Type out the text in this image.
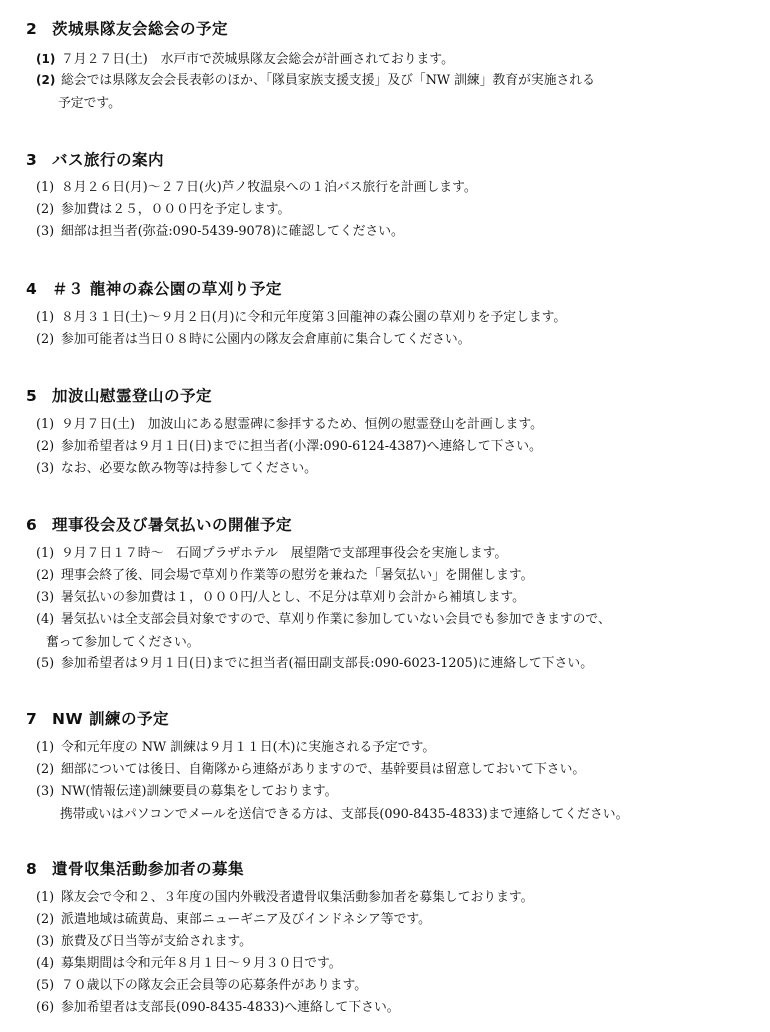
2 茨城県隊友会総会の予定
(1) ７月２７日(土)　水戸市で茨城県隊友会総会が計画されております。
(2) 総会では県隊友会会長表彰のほか、「隊員家族支援支援」及び「NW 訓練」教育が実施される
予定です。
3 バス旅行の案内
(1) ８月２６日(月)～２７日(火)芦ノ牧温泉への１泊バス旅行を計画します。
(2) 参加費は２５，０００円を予定します。
(3) 細部は担当者(弥益:090-5439-9078)に確認してください。
4 ＃３ 龍神の森公園の草刈り予定
(1) ８月３１日(土)～９月２日(月)に令和元年度第３回龍神の森公園の草刈りを予定します。
(2) 参加可能者は当日０８時に公園内の隊友会倉庫前に集合してください。
5 加波山慰霊登山の予定
(1) ９月７日(土)　加波山にある慰霊碑に参拝するため、恒例の慰霊登山を計画します。
(2) 参加希望者は９月１日(日)までに担当者(小澤:090-6124-4387)へ連絡して下さい。
(3) なお、必要な飲み物等は持参してください。
6 理事役会及び暑気払いの開催予定
(1) ９月７日１７時～　石岡プラザホテル　展望階で支部理事役会を実施します。
(2) 理事会終了後、同会場で草刈り作業等の慰労を兼ねた「暑気払い」を開催します。
(3) 暑気払いの参加費は１，０００円/人とし、不足分は草刈り会計から補填します。
(4) 暑気払いは全支部会員対象ですので、草刈り作業に参加していない会員でも参加できますので、
奮って参加してください。
(5) 参加希望者は９月１日(日)までに担当者(福田副支部長:090-6023-1205)に連絡して下さい。
7 NW 訓練の予定
(1) 令和元年度の NW 訓練は９月１１日(木)に実施される予定です。
(2) 細部については後日、自衛隊から連絡がありますので、基幹要員は留意しておいて下さい。
(3) NW(情報伝達)訓練要員の募集をしております。
携帯或いはパソコンでメールを送信できる方は、支部長(090-8435-4833)まで連絡してください。
8 遺骨収集活動参加者の募集
(1) 隊友会で令和２、３年度の国内外戦没者遺骨収集活動参加者を募集しております。
(2) 派遣地域は硫黄島、東部ニューギニア及びインドネシア等です。
(3) 旅費及び日当等が支給されます。
(4) 募集期間は令和元年８月１日～９月３０日です。
(5) ７０歳以下の隊友会正会員等の応募条件があります。
(6) 参加希望者は支部長(090-8435-4833)へ連絡して下さい。
